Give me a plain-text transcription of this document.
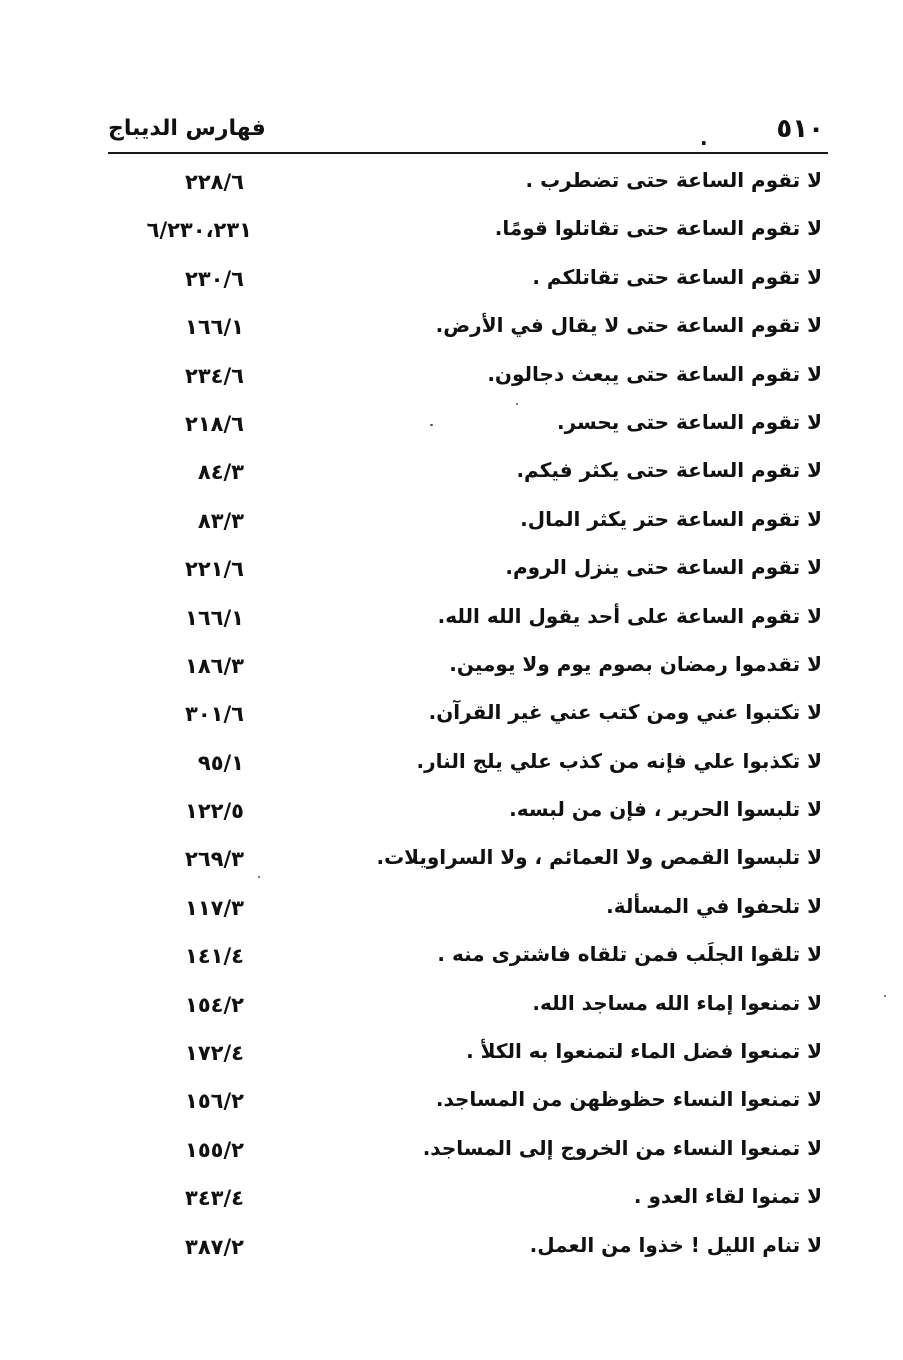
٥١٠
.
فهارس الديباج
لا تقوم الساعة حتى تضطرب .
٢٢٨/٦
لا تقوم الساعة حتى تقاتلوا قومًا.
٦/٢٣٠،٢٣١
لا تقوم الساعة حتى تقاتلكم .
٢٣٠/٦
لا تقوم الساعة حتى لا يقال في الأرض.
١٦٦/١
لا تقوم الساعة حتى يبعث دجالون.
٢٣٤/٦
لا تقوم الساعة حتى يحسر.
٢١٨/٦
لا تقوم الساعة حتى يكثر فيكم.
٨٤/٣
لا تقوم الساعة حتر يكثر المال.
٨٣/٣
لا تقوم الساعة حتى ينزل الروم.
٢٢١/٦
لا تقوم الساعة على أحد يقول الله الله.
١٦٦/١
لا تقدموا رمضان بصوم يوم ولا يومين.
١٨٦/٣
لا تكتبوا عني ومن كتب عني غير القرآن.
٣٠١/٦
لا تكذبوا علي فإنه من كذب علي يلج النار.
٩٥/١
لا تلبسوا الحرير ، فإن من لبسه.
١٢٢/٥
لا تلبسوا القمص ولا العمائم ، ولا السراويلات.
٢٦٩/٣
لا تلحفوا في المسألة.
١١٧/٣
لا تلقوا الجلَب فمن تلقاه فاشترى منه .
١٤١/٤
لا تمنعوا إماء الله مساجد الله.
١٥٤/٢
لا تمنعوا فضل الماء لتمنعوا به الكلأ .
١٧٢/٤
لا تمنعوا النساء حظوظهن من المساجد.
١٥٦/٢
لا تمنعوا النساء من الخروج إلى المساجد.
١٥٥/٢
لا تمنوا لقاء العدو .
٣٤٣/٤
لا تنام الليل ! خذوا من العمل.
٣٨٧/٢
